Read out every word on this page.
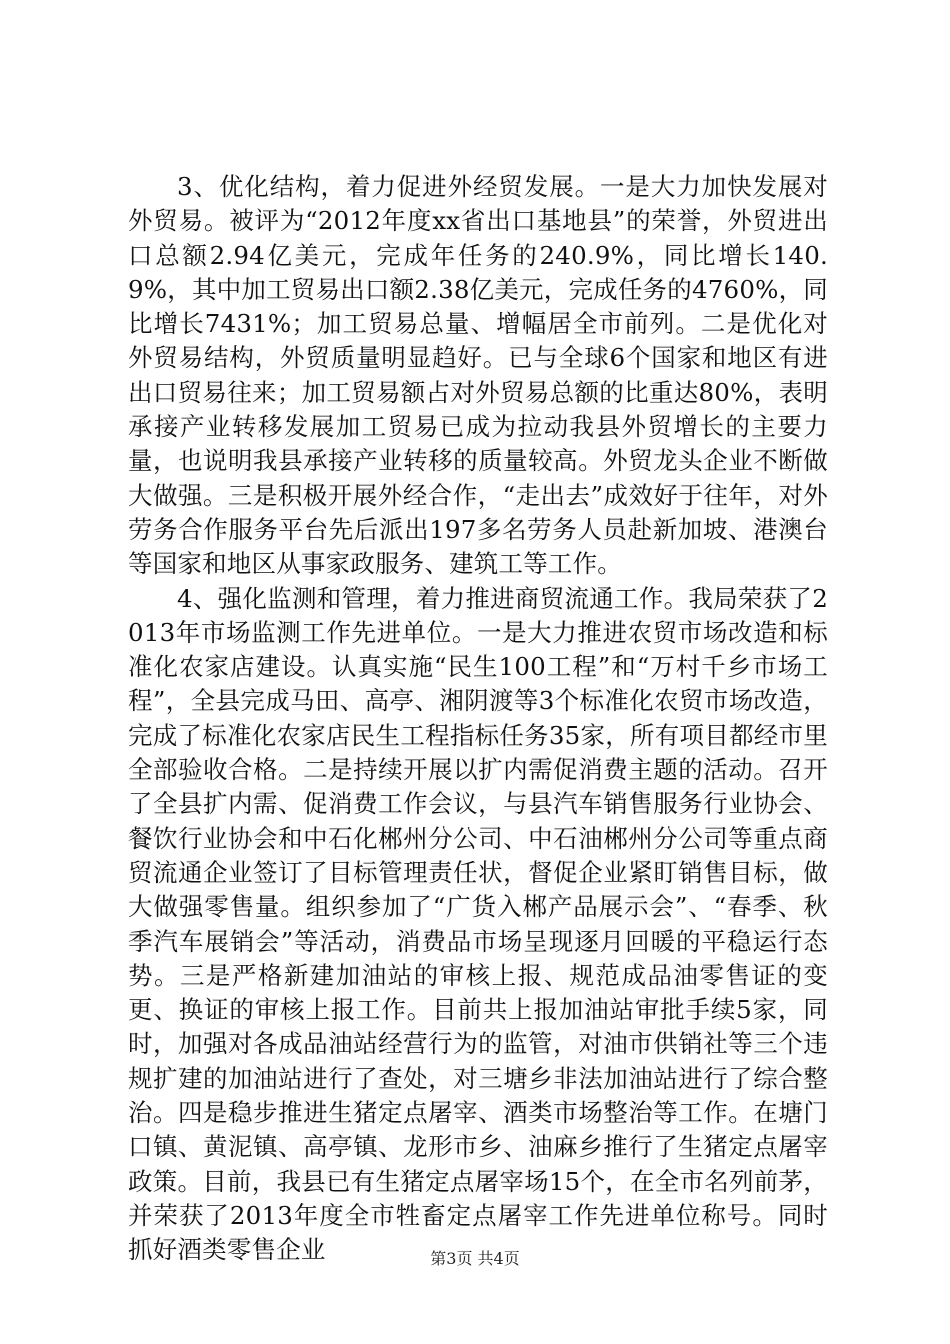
3、优化结构，着力促进外经贸发展。一是大力加快发展对外贸易。被评为“2012年度xx省出口基地县”的荣誉，外贸进出口总额2.94亿美元，完成年任务的240.9%，同比增长140.9%，其中加工贸易出口额2.38亿美元，完成任务的4760%，同比增长7431%；加工贸易总量、增幅居全市前列。二是优化对外贸易结构，外贸质量明显趋好。已与全球6个国家和地区有进出口贸易往来；加工贸易额占对外贸易总额的比重达80%，表明承接产业转移发展加工贸易已成为拉动我县外贸增长的主要力量，也说明我县承接产业转移的质量较高。外贸龙头企业不断做大做强。三是积极开展外经合作，“走出去”成效好于往年，对外劳务合作服务平台先后派出197多名劳务人员赴新加坡、港澳台等国家和地区从事家政服务、建筑工等工作。

4、强化监测和管理，着力推进商贸流通工作。我局荣获了2013年市场监测工作先进单位。一是大力推进农贸市场改造和标准化农家店建设。认真实施“民生100工程”和“万村千乡市场工程”，全县完成马田、高亭、湘阴渡等3个标准化农贸市场改造，完成了标准化农家店民生工程指标任务35家，所有项目都经市里全部验收合格。二是持续开展以扩内需促消费主题的活动。召开了全县扩内需、促消费工作会议，与县汽车销售服务行业协会、餐饮行业协会和中石化郴州分公司、中石油郴州分公司等重点商贸流通企业签订了目标管理责任状，督促企业紧盯销售目标，做大做强零售量。组织参加了“广货入郴产品展示会”、“春季、秋季汽车展销会”等活动，消费品市场呈现逐月回暖的平稳运行态势。三是严格新建加油站的审核上报、规范成品油零售证的变更、换证的审核上报工作。目前共上报加油站审批手续5家，同时，加强对各成品油站经营行为的监管，对油市供销社等三个违规扩建的加油站进行了查处，对三塘乡非法加油站进行了综合整治。四是稳步推进生猪定点屠宰、酒类市场整治等工作。在塘门口镇、黄泥镇、高亭镇、龙形市乡、油麻乡推行了生猪定点屠宰政策。目前，我县已有生猪定点屠宰场15个，在全市名列前茅，并荣获了2013年度全市牲畜定点屠宰工作先进单位称号。同时抓好酒类零售企业	第3页 共4页
